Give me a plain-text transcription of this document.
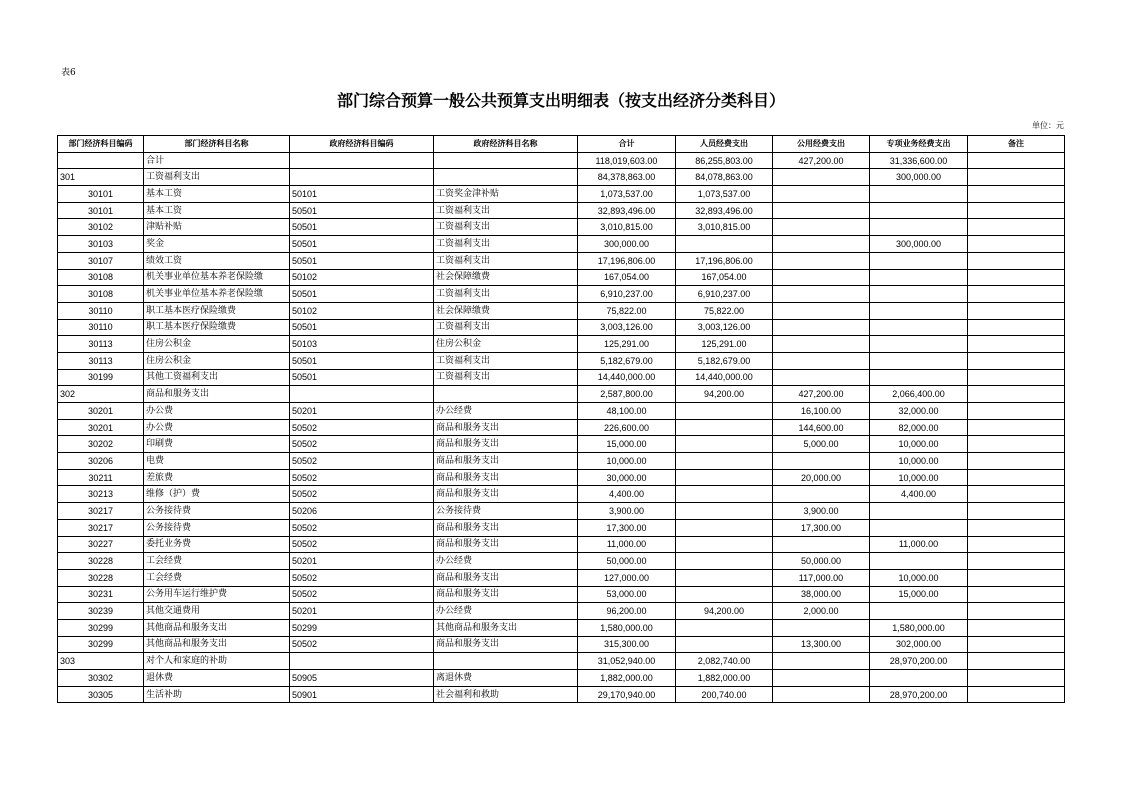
表6
部门综合预算一般公共预算支出明细表（按支出经济分类科目）
单位：元
部门经济科目编码	部门经济科目名称	政府经济科目编码	政府经济科目名称	合计	人员经费支出	公用经费支出	专项业务经费支出	备注
	合计			118,019,603.00	86,255,803.00	427,200.00	31,336,600.00	
301	工资福利支出			84,378,863.00	84,078,863.00		300,000.00	
30101	基本工资	50101	工资奖金津补贴	1,073,537.00	1,073,537.00			
30101	基本工资	50501	工资福利支出	32,893,496.00	32,893,496.00			
30102	津贴补贴	50501	工资福利支出	3,010,815.00	3,010,815.00			
30103	奖金	50501	工资福利支出	300,000.00			300,000.00	
30107	绩效工资	50501	工资福利支出	17,196,806.00	17,196,806.00			
30108	机关事业单位基本养老保险缴	50102	社会保障缴费	167,054.00	167,054.00			
30108	机关事业单位基本养老保险缴	50501	工资福利支出	6,910,237.00	6,910,237.00			
30110	职工基本医疗保险缴费	50102	社会保障缴费	75,822.00	75,822.00			
30110	职工基本医疗保险缴费	50501	工资福利支出	3,003,126.00	3,003,126.00			
30113	住房公积金	50103	住房公积金	125,291.00	125,291.00			
30113	住房公积金	50501	工资福利支出	5,182,679.00	5,182,679.00			
30199	其他工资福利支出	50501	工资福利支出	14,440,000.00	14,440,000.00			
302	商品和服务支出			2,587,800.00	94,200.00	427,200.00	2,066,400.00	
30201	办公费	50201	办公经费	48,100.00		16,100.00	32,000.00	
30201	办公费	50502	商品和服务支出	226,600.00		144,600.00	82,000.00	
30202	印刷费	50502	商品和服务支出	15,000.00		5,000.00	10,000.00	
30206	电费	50502	商品和服务支出	10,000.00			10,000.00	
30211	差旅费	50502	商品和服务支出	30,000.00		20,000.00	10,000.00	
30213	维修（护）费	50502	商品和服务支出	4,400.00			4,400.00	
30217	公务接待费	50206	公务接待费	3,900.00		3,900.00		
30217	公务接待费	50502	商品和服务支出	17,300.00		17,300.00		
30227	委托业务费	50502	商品和服务支出	11,000.00			11,000.00	
30228	工会经费	50201	办公经费	50,000.00		50,000.00		
30228	工会经费	50502	商品和服务支出	127,000.00		117,000.00	10,000.00	
30231	公务用车运行维护费	50502	商品和服务支出	53,000.00		38,000.00	15,000.00	
30239	其他交通费用	50201	办公经费	96,200.00	94,200.00	2,000.00		
30299	其他商品和服务支出	50299	其他商品和服务支出	1,580,000.00			1,580,000.00	
30299	其他商品和服务支出	50502	商品和服务支出	315,300.00		13,300.00	302,000.00	
303	对个人和家庭的补助			31,052,940.00	2,082,740.00		28,970,200.00	
30302	退休费	50905	离退休费	1,882,000.00	1,882,000.00			
30305	生活补助	50901	社会福利和救助	29,170,940.00	200,740.00		28,970,200.00	
